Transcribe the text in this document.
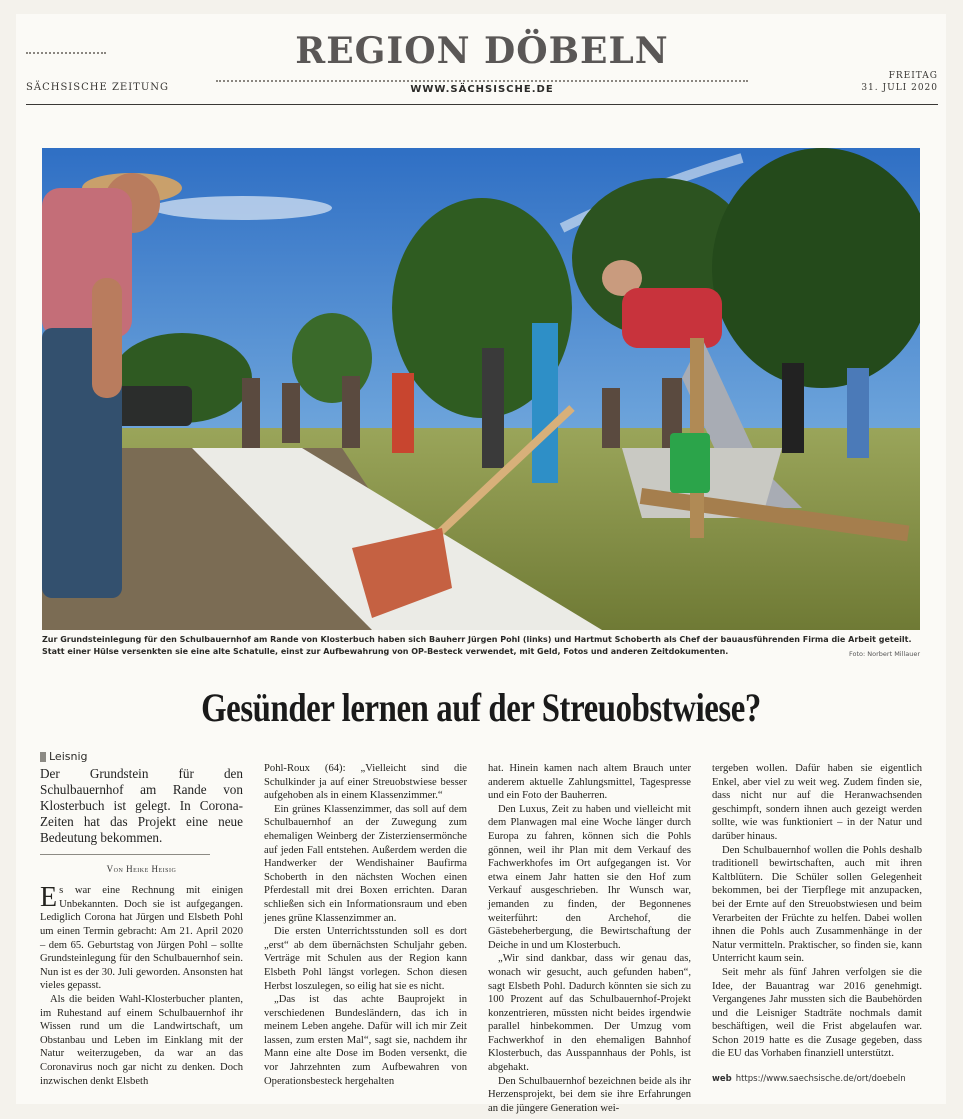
SÄCHSISCHE ZEITUNG
REGION DÖBELN
WWW.SÄCHSISCHE.DE
FREITAG
31. JULI 2020
Zur Grundsteinlegung für den Schulbauernhof am Rande von Klosterbuch haben sich Bauherr Jürgen Pohl (links) und Hartmut Schoberth als Chef der bauausführenden Firma die Arbeit geteilt. Statt einer Hülse versenkten sie eine alte Schatulle, einst zur Aufbewahrung von OP-Besteck verwendet, mit Geld, Fotos und anderen Zeitdokumenten.	Foto: Norbert Millauer
Gesünder lernen auf der Streuobstwiese?
Leisnig
Der Grundstein für den Schulbauernhof am Rande von Klosterbuch ist gelegt. In Corona-Zeiten hat das Projekt eine neue Bedeutung bekommen.
Von Heike Heisig

Es war eine Rechnung mit einigen Unbekannten. Doch sie ist aufgegangen. Lediglich Corona hat Jürgen und Elsbeth Pohl um einen Termin gebracht: Am 21. April 2020 – dem 65. Geburtstag von Jürgen Pohl – sollte Grundsteinlegung für den Schulbauernhof sein. Nun ist es der 30. Juli geworden. Ansonsten hat vieles gepasst.

Als die beiden Wahl-Klosterbucher planten, im Ruhestand auf einem Schulbauernhof ihr Wissen rund um die Landwirtschaft, um Obstanbau und Leben im Einklang mit der Natur weiterzugeben, da war an das Coronavirus noch gar nicht zu denken. Doch inzwischen denkt Elsbeth

Pohl-Roux (64): „Vielleicht sind die Schulkinder ja auf einer Streuobstwiese besser aufgehoben als in einem Klassenzimmer.“

Ein grünes Klassenzimmer, das soll auf dem Schulbauernhof an der Zuwegung zum ehemaligen Weinberg der Zisterziensermönche auf jeden Fall entstehen. Außerdem werden die Handwerker der Wendishainer Baufirma Schoberth in den nächsten Wochen einen Pferdestall mit drei Boxen errichten. Daran schließen sich ein Informationsraum und eben jenes grüne Klassenzimmer an.

Die ersten Unterrichtsstunden soll es dort „erst“ ab dem übernächsten Schuljahr geben. Verträge mit Schulen aus der Region kann Elsbeth Pohl längst vorlegen. Schon diesen Herbst loszulegen, so eilig hat sie es nicht.

„Das ist das achte Bauprojekt in verschiedenen Bundesländern, das ich in meinem Leben angehe. Dafür will ich mir Zeit lassen, zum ersten Mal“, sagt sie, nachdem ihr Mann eine alte Dose im Boden versenkt, die vor Jahrzehnten zum Aufbewahren von Operationsbesteck hergehalten

hat. Hinein kamen nach altem Brauch unter anderem aktuelle Zahlungsmittel, Tagespresse und ein Foto der Bauherren.

Den Luxus, Zeit zu haben und vielleicht mit dem Planwagen mal eine Woche länger durch Europa zu fahren, können sich die Pohls gönnen, weil ihr Plan mit dem Verkauf des Fachwerkhofes im Ort aufgegangen ist. Vor etwa einem Jahr hatten sie den Hof zum Verkauf ausgeschrieben. Ihr Wunsch war, jemanden zu finden, der Begonnenes weiterführt: den Archehof, die Gästebeherbergung, die Bewirtschaftung der Deiche in und um Klosterbuch.

„Wir sind dankbar, dass wir genau das, wonach wir gesucht, auch gefunden haben“, sagt Elsbeth Pohl. Dadurch könnten sie sich zu 100 Prozent auf das Schulbauernhof-Projekt konzentrieren, müssten nicht beides irgendwie parallel hinbekommen. Der Umzug vom Fachwerkhof in den ehemaligen Bahnhof Klosterbuch, das Ausspannhaus der Pohls, ist abgehakt.

Den Schulbauernhof bezeichnen beide als ihr Herzensprojekt, bei dem sie ihre Erfahrungen an die jüngere Generation wei-

tergeben wollen. Dafür haben sie eigentlich Enkel, aber viel zu weit weg. Zudem finden sie, dass nicht nur auf die Heranwachsenden geschimpft, sondern ihnen auch gezeigt werden sollte, wie was funktioniert – in der Natur und darüber hinaus.

Den Schulbauernhof wollen die Pohls deshalb traditionell bewirtschaften, auch mit ihren Kaltblütern. Die Schüler sollen Gelegenheit bekommen, bei der Tierpflege mit anzupacken, bei der Ernte auf den Streuobstwiesen und beim Verarbeiten der Früchte zu helfen. Dabei wollen ihnen die Pohls auch Zusammenhänge in der Natur vermitteln. Praktischer, so finden sie, kann Unterricht kaum sein.

Seit mehr als fünf Jahren verfolgen sie die Idee, der Bauantrag war 2016 genehmigt. Vergangenes Jahr mussten sich die Baubehörden und die Leisniger Stadträte nochmals damit beschäftigen, weil die Frist abgelaufen war. Schon 2019 hatte es die Zusage gegeben, dass die EU das Vorhaben finanziell unterstützt.

web https://www.saechsische.de/ort/doebeln
